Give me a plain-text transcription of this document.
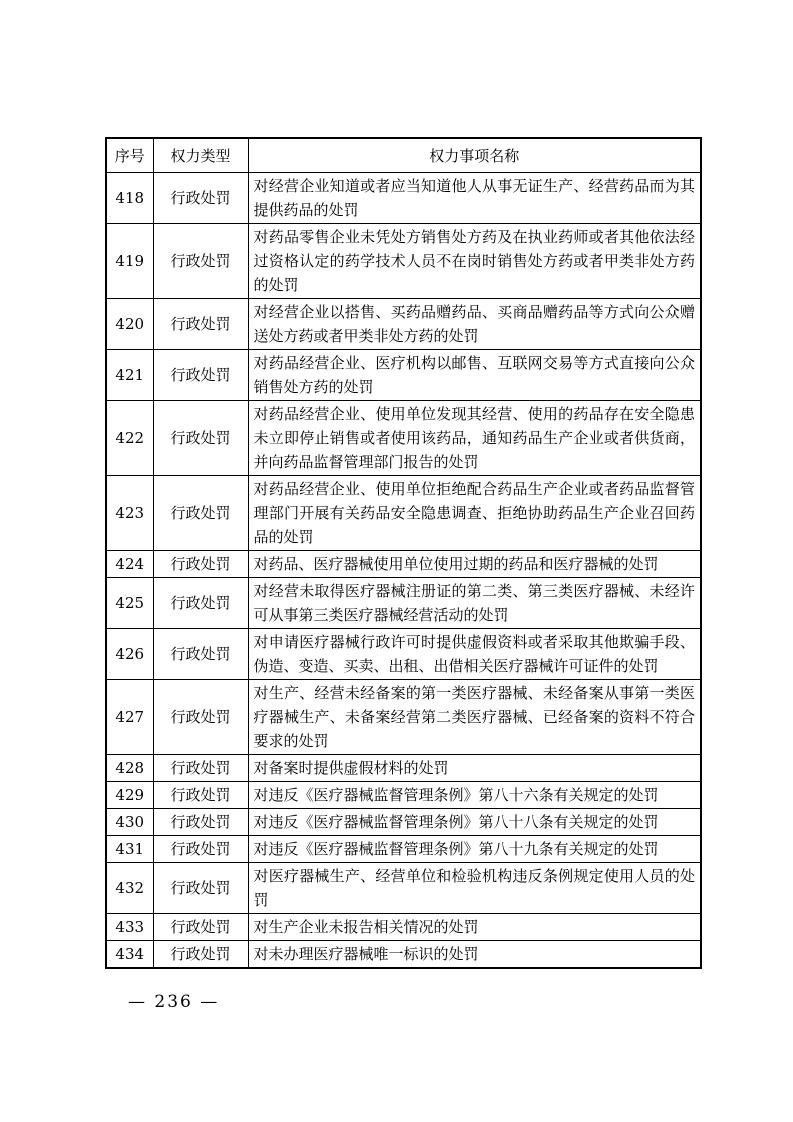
序号	权力类型	权力事项名称
418	行政处罚	对经营企业知道或者应当知道他人从事无证生产、经营药品而为其提供药品的处罚
419	行政处罚	对药品零售企业未凭处方销售处方药及在执业药师或者其他依法经过资格认定的药学技术人员不在岗时销售处方药或者甲类非处方药的处罚
420	行政处罚	对经营企业以搭售、买药品赠药品、买商品赠药品等方式向公众赠送处方药或者甲类非处方药的处罚
421	行政处罚	对药品经营企业、医疗机构以邮售、互联网交易等方式直接向公众销售处方药的处罚
422	行政处罚	对药品经营企业、使用单位发现其经营、使用的药品存在安全隐患未立即停止销售或者使用该药品，通知药品生产企业或者供货商，并向药品监督管理部门报告的处罚
423	行政处罚	对药品经营企业、使用单位拒绝配合药品生产企业或者药品监督管理部门开展有关药品安全隐患调查、拒绝协助药品生产企业召回药品的处罚
424	行政处罚	对药品、医疗器械使用单位使用过期的药品和医疗器械的处罚
425	行政处罚	对经营未取得医疗器械注册证的第二类、第三类医疗器械、未经许可从事第三类医疗器械经营活动的处罚
426	行政处罚	对申请医疗器械行政许可时提供虚假资料或者采取其他欺骗手段、伪造、变造、买卖、出租、出借相关医疗器械许可证件的处罚
427	行政处罚	对生产、经营未经备案的第一类医疗器械、未经备案从事第一类医疗器械生产、未备案经营第二类医疗器械、已经备案的资料不符合要求的处罚
428	行政处罚	对备案时提供虚假材料的处罚
429	行政处罚	对违反《医疗器械监督管理条例》第八十六条有关规定的处罚
430	行政处罚	对违反《医疗器械监督管理条例》第八十八条有关规定的处罚
431	行政处罚	对违反《医疗器械监督管理条例》第八十九条有关规定的处罚
432	行政处罚	对医疗器械生产、经营单位和检验机构违反条例规定使用人员的处罚
433	行政处罚	对生产企业未报告相关情况的处罚
434	行政处罚	对未办理医疗器械唯一标识的处罚
— 236 —
